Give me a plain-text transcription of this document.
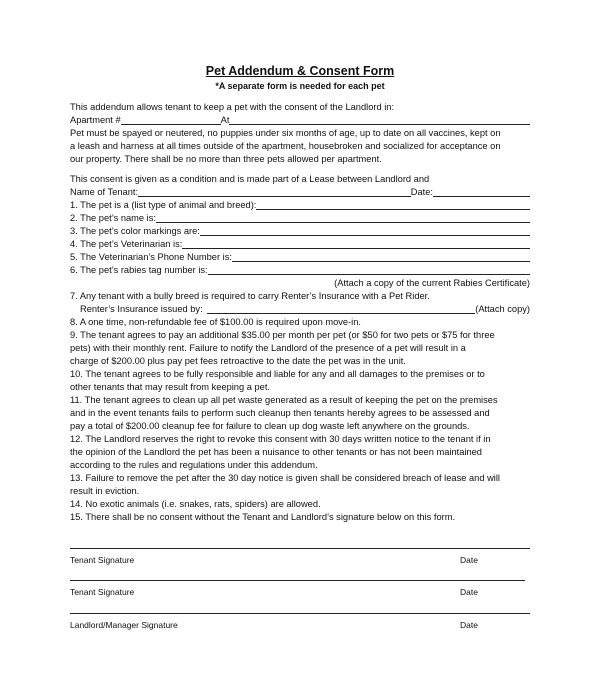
Pet Addendum & Consent Form
*A separate form is needed for each pet
This addendum allows tenant to keep a pet with the consent of the Landlord in:
Apartment #	At
Pet must be spayed or neutered, no puppies under six months of age, up to date on all vaccines, kept on
a leash and harness at all times outside of the apartment, housebroken and socialized for acceptance on
our property. There shall be no more than three pets allowed per apartment.
This consent is given as a condition and is made part of a Lease between Landlord and
Name of Tenant:	Date:
1. The pet is a (list type of animal and breed):
2. The pet’s name is:
3. The pet’s color markings are:
4. The pet’s Veterinarian is:
5. The Veterinarian’s Phone Number is:
6. The pet’s rabies tag number is:
(Attach a copy of the current Rabies Certificate)
7. Any tenant with a bully breed is required to carry Renter’s Insurance with a Pet Rider.
Renter’s Insurance issued by:	(Attach copy)
8. A one time, non-refundable fee of $100.00 is required upon move-in.
9. The tenant agrees to pay an additional $35.00 per month per pet (or $50 for two pets or $75 for three
pets) with their monthly rent. Failure to notify the Landlord of the presence of a pet will result in a
charge of $200.00 plus pay pet fees retroactive to the date the pet was in the unit.
10. The tenant agrees to be fully responsible and liable for any and all damages to the premises or to
other tenants that may result from keeping a pet.
11. The tenant agrees to clean up all pet waste generated as a result of keeping the pet on the premises
and in the event tenants fails to perform such cleanup then tenants hereby agrees to be assessed and
pay a total of $200.00 cleanup fee for failure to clean up dog waste left anywhere on the grounds.
12. The Landlord reserves the right to revoke this consent with 30 days written notice to the tenant if in
the opinion of the Landlord the pet has been a nuisance to other tenants or has not been maintained
according to the rules and regulations under this addendum.
13. Failure to remove the pet after the 30 day notice is given shall be considered breach of lease and will
result in eviction.
14. No exotic animals (i.e. snakes, rats, spiders) are allowed.
15. There shall be no consent without the Tenant and Landlord’s signature below on this form.
Tenant Signature	Date
Tenant Signature	Date
Landlord/Manager Signature	Date
